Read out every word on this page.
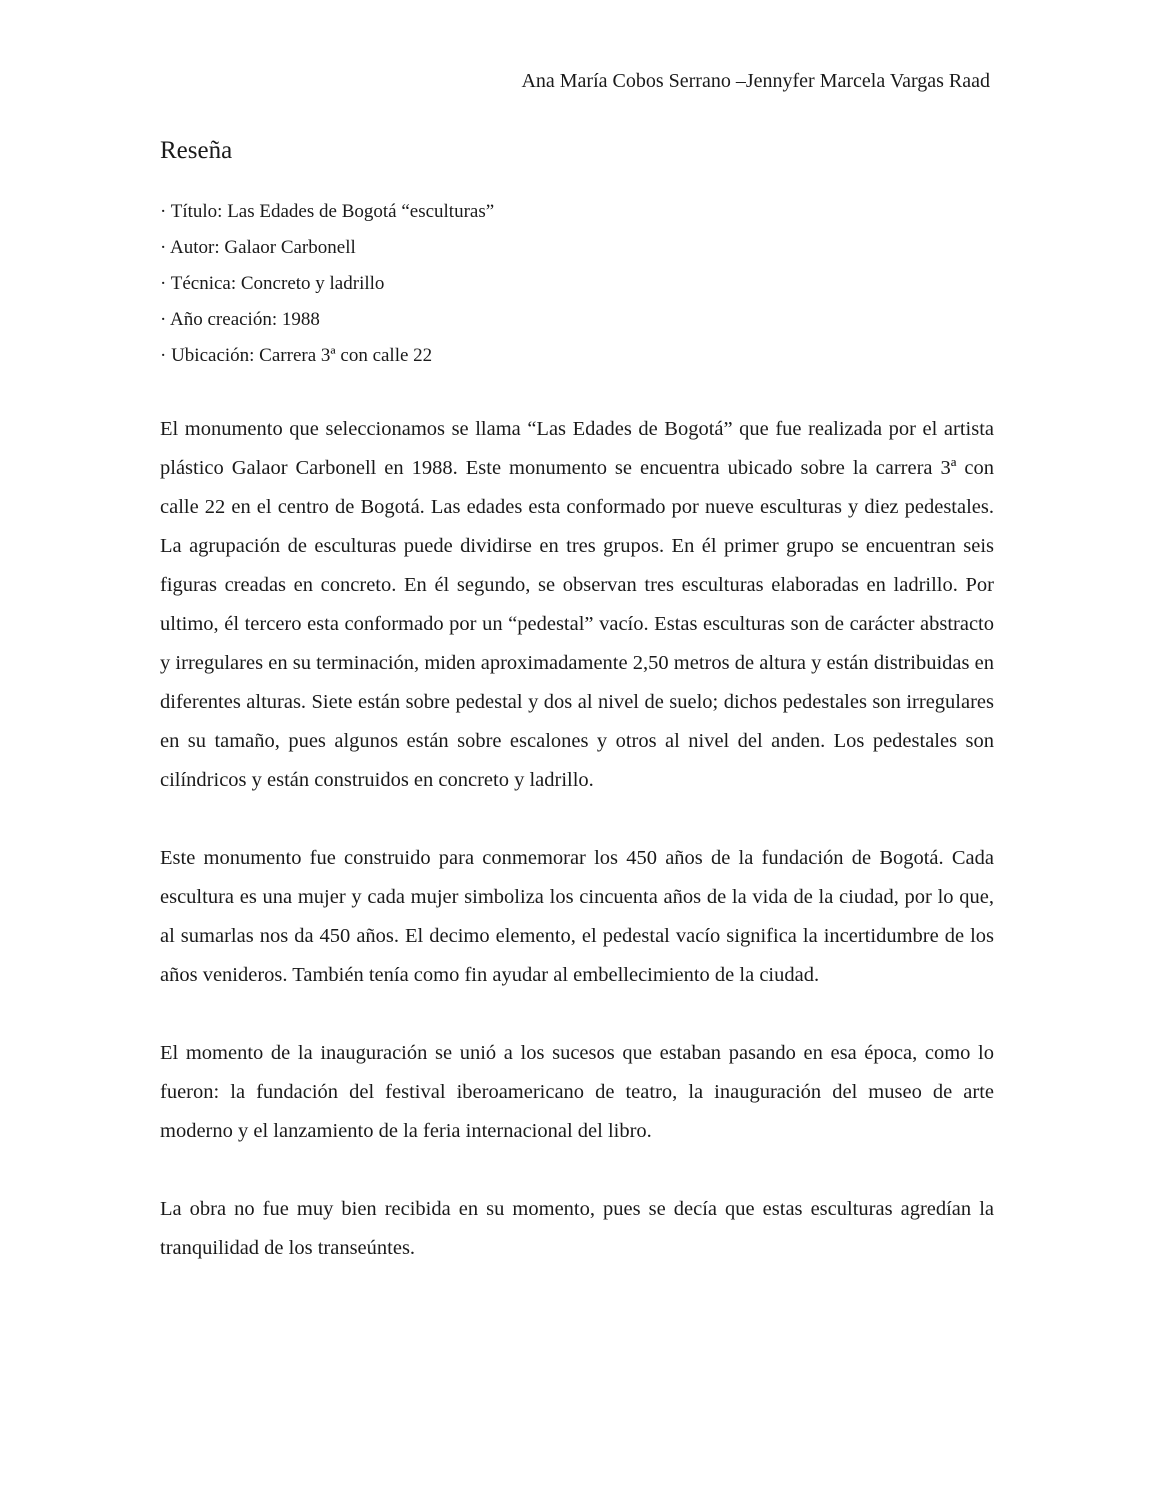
Ana María Cobos Serrano –Jennyfer Marcela Vargas Raad
Reseña
· Título: Las Edades de Bogotá “esculturas”
· Autor: Galaor Carbonell
· Técnica: Concreto y ladrillo
· Año creación: 1988
· Ubicación: Carrera 3ª con calle 22

El monumento que seleccionamos se llama “Las Edades de Bogotá” que fue realizada por el artista plástico Galaor Carbonell en 1988. Este monumento se encuentra ubicado sobre la carrera 3ª con calle 22 en el centro de Bogotá. Las edades esta conformado por nueve esculturas y diez pedestales. La agrupación de esculturas puede dividirse en tres grupos. En él primer grupo se encuentran seis figuras creadas en concreto. En él segundo, se observan tres esculturas elaboradas en ladrillo. Por ultimo, él tercero esta conformado por un “pedestal” vacío. Estas esculturas son de carácter abstracto y irregulares en su terminación, miden aproximadamente 2,50 metros de altura y están distribuidas en diferentes alturas. Siete están sobre pedestal y dos al nivel de suelo; dichos pedestales son irregulares en su tamaño, pues algunos están sobre escalones y otros al nivel del anden. Los pedestales son cilíndricos y están construidos en concreto y ladrillo.

Este monumento fue construido para conmemorar los 450 años de la fundación de Bogotá. Cada escultura es una mujer y cada mujer simboliza los cincuenta años de la vida de la ciudad, por lo que, al sumarlas nos da 450 años. El decimo elemento, el pedestal vacío significa la incertidumbre de los años venideros. También tenía como fin ayudar al embellecimiento de la ciudad.

El momento de la inauguración se unió a los sucesos que estaban pasando en esa época, como lo fueron: la fundación del festival iberoamericano de teatro, la inauguración del museo de arte moderno y el lanzamiento de la feria internacional del libro.

La obra no fue muy bien recibida en su momento, pues se decía que estas esculturas agredían la tranquilidad de los transeúntes.
